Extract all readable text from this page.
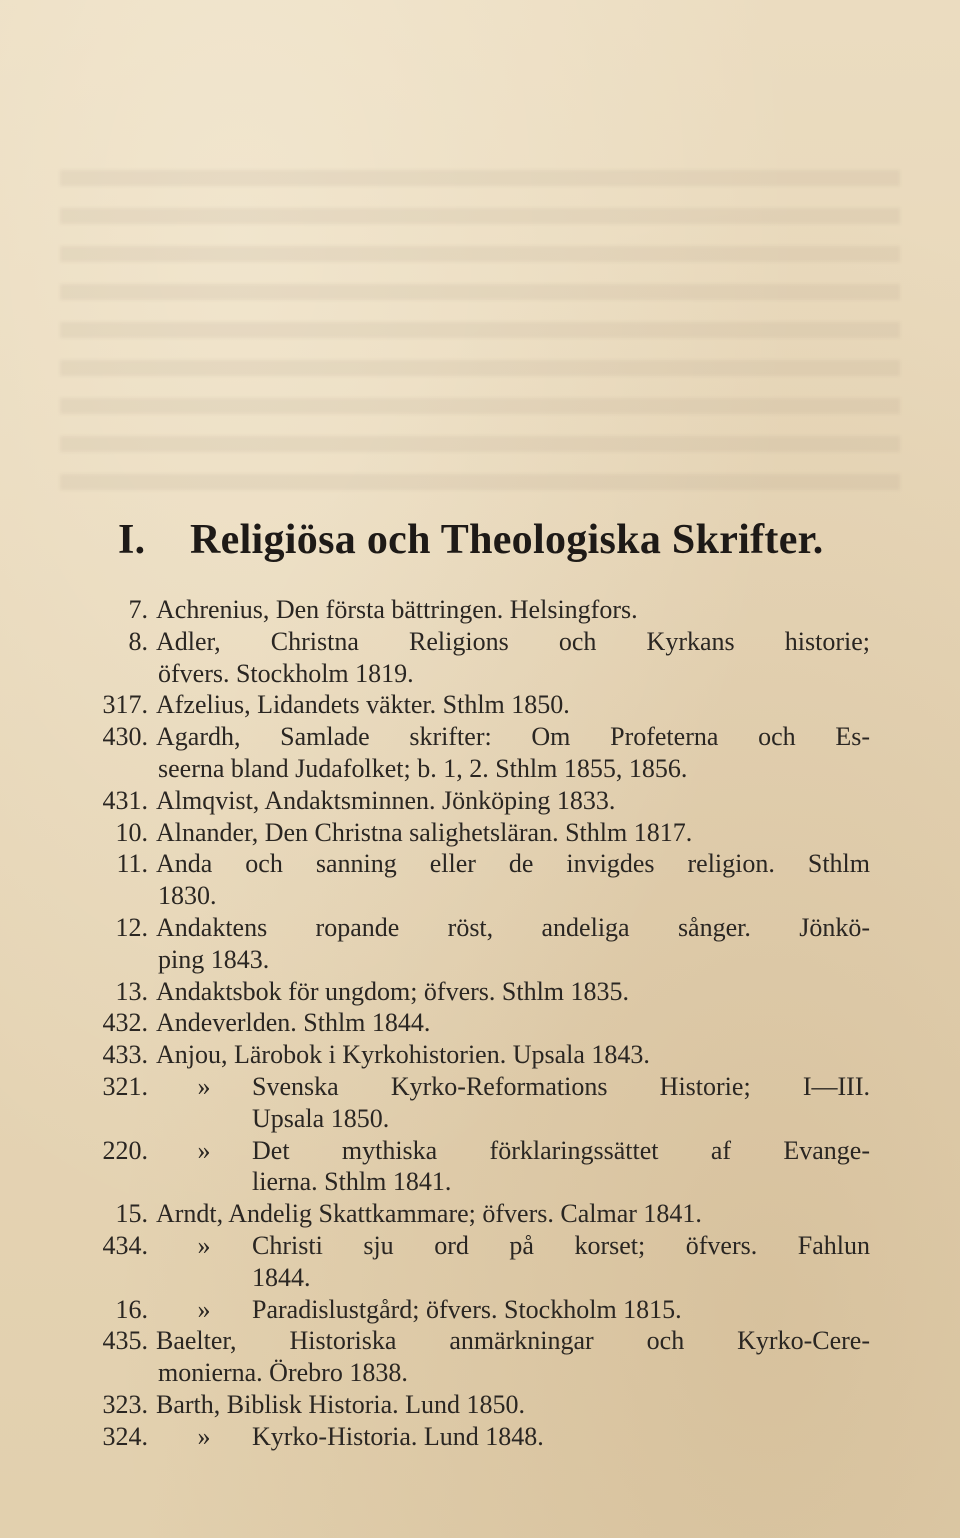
I. Religiösa och Theologiska Skrifter.
7. Achrenius, Den första bättringen. Helsingfors.
8. Adler, Christna Religions och Kyrkans historie;
öfvers. Stockholm 1819.
317. Afzelius, Lidandets väkter. Sthlm 1850.
430. Agardh, Samlade skrifter: Om Profeterna och Es-
seerna bland Judafolket; b. 1, 2. Sthlm 1855, 1856.
431. Almqvist, Andaktsminnen. Jönköping 1833.
10. Alnander, Den Christna salighetsläran. Sthlm 1817.
11. Anda och sanning eller de invigdes religion. Sthlm
1830.
12. Andaktens ropande röst, andeliga sånger. Jönkö-
ping 1843.
13. Andaktsbok för ungdom; öfvers. Sthlm 1835.
432. Andeverlden. Sthlm 1844.
433. Anjou, Lärobok i Kyrkohistorien. Upsala 1843.
321.	»	Svenska Kyrko-Reformations Historie; I—III.
Upsala 1850.
220.	»	Det mythiska förklaringssättet af Evange-
lierna. Sthlm 1841.
15. Arndt, Andelig Skattkammare; öfvers. Calmar 1841.
434.	»	Christi sju ord på korset; öfvers. Fahlun
1844.
16.	» Paradislustgård; öfvers. Stockholm 1815.
435. Baelter, Historiska anmärkningar och Kyrko-Cere-
monierna. Örebro 1838.
323. Barth, Biblisk Historia. Lund 1850.
324.	» Kyrko-Historia. Lund 1848.
